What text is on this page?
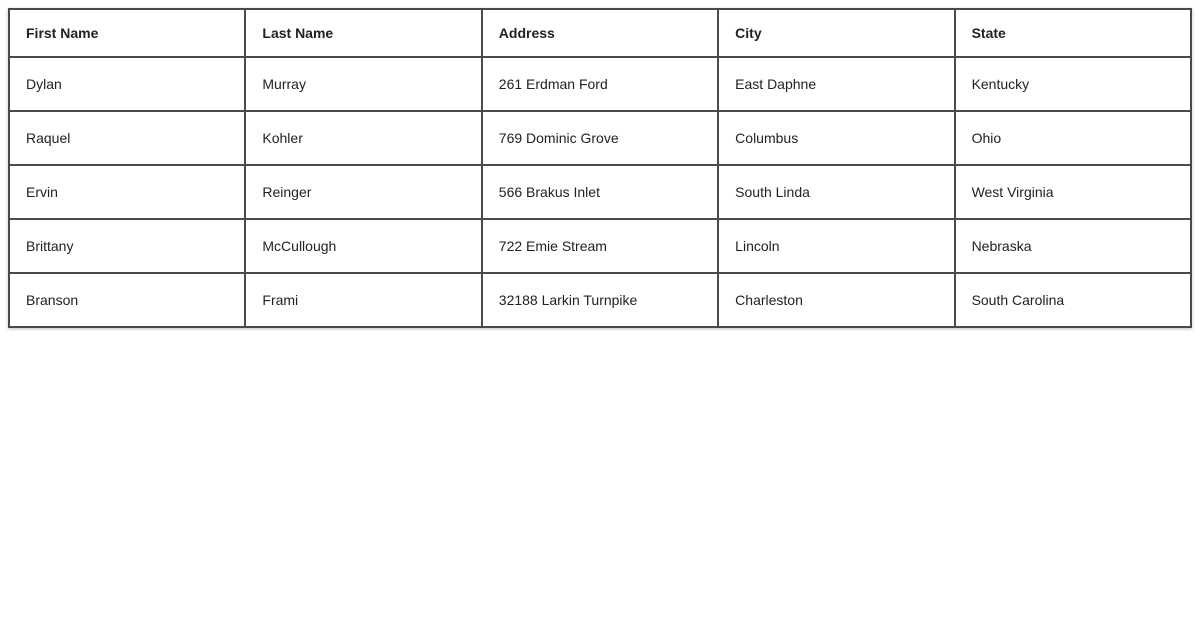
First Name	Last Name	Address	City	State
Dylan	Murray	261 Erdman Ford	East Daphne	Kentucky
Raquel	Kohler	769 Dominic Grove	Columbus	Ohio
Ervin	Reinger	566 Brakus Inlet	South Linda	West Virginia
Brittany	McCullough	722 Emie Stream	Lincoln	Nebraska
Branson	Frami	32188 Larkin Turnpike	Charleston	South Carolina
